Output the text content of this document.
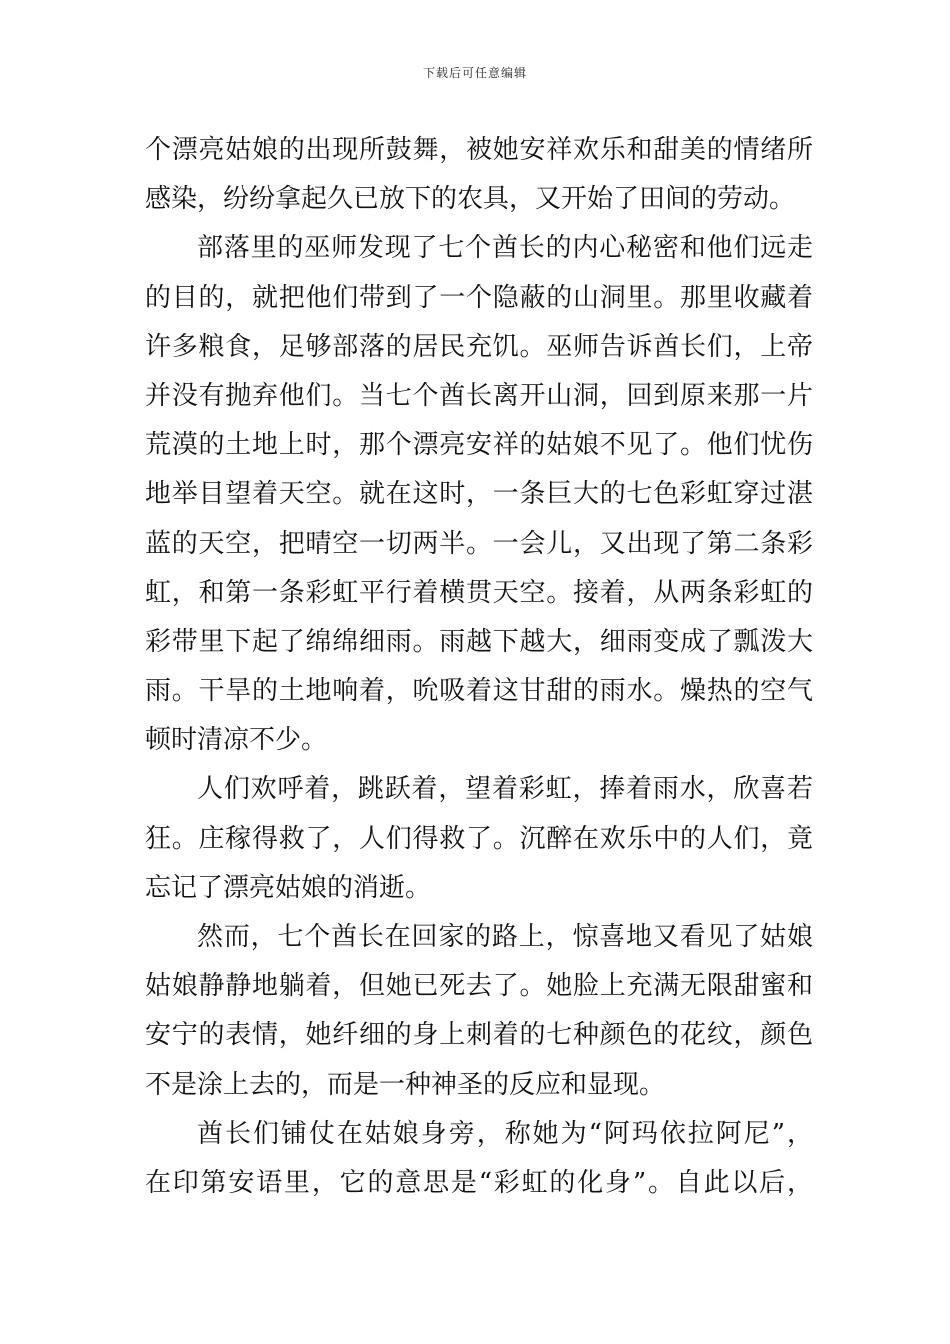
下载后可任意编辑
个漂亮姑娘的出现所鼓舞，被她安祥欢乐和甜美的情绪所
感染，纷纷拿起久已放下的农具，又开始了田间的劳动。
部落里的巫师发现了七个酋长的内心秘密和他们远走
的目的，就把他们带到了一个隐蔽的山洞里。那里收藏着
许多粮食，足够部落的居民充饥。巫师告诉酋长们，上帝
并没有抛弃他们。当七个酋长离开山洞，回到原来那一片
荒漠的土地上时，那个漂亮安祥的姑娘不见了。他们忧伤
地举目望着天空。就在这时，一条巨大的七色彩虹穿过湛
蓝的天空，把晴空一切两半。一会儿，又出现了第二条彩
虹，和第一条彩虹平行着横贯天空。接着，从两条彩虹的
彩带里下起了绵绵细雨。雨越下越大，细雨变成了瓢泼大
雨。干旱的土地响着，吮吸着这甘甜的雨水。燥热的空气
顿时清凉不少。
人们欢呼着，跳跃着，望着彩虹，捧着雨水，欣喜若
狂。庄稼得救了，人们得救了。沉醉在欢乐中的人们，竟
忘记了漂亮姑娘的消逝。
然而，七个酋长在回家的路上，惊喜地又看见了姑娘
姑娘静静地躺着，但她已死去了。她脸上充满无限甜蜜和
安宁的表情，她纤细的身上刺着的七种颜色的花纹，颜色
不是涂上去的，而是一种神圣的反应和显现。
酋长们铺仗在姑娘身旁，称她为“阿玛依拉阿尼”，
在印第安语里，它的意思是“彩虹的化身”。自此以后，
